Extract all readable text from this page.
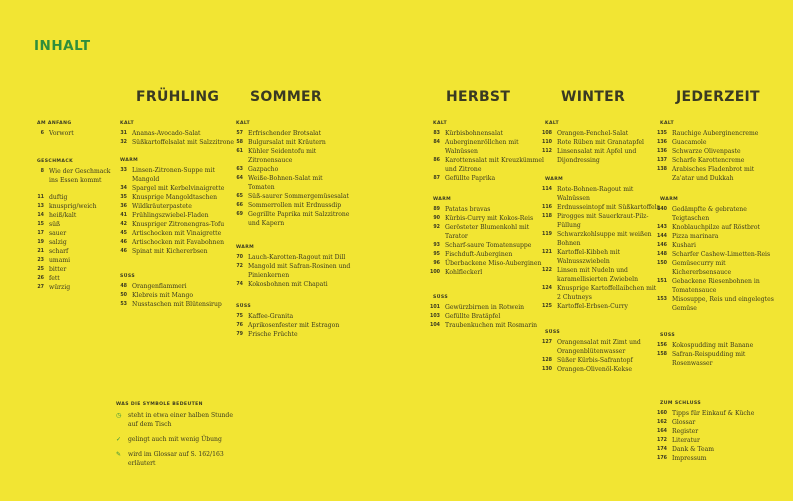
INHALT
AM ANFANG
6 Vorwort
GESCHMACK
8 Wie der Geschmack
ins Essen kommt
11 duftig
13 knusprig/weich
14 heiß/kalt
15 süß
17 sauer
19 salzig
21 scharf
23 umami
25 bitter
26 fett
27 würzig
FRÜHLING
KALT
31 Ananas-Avocado-Salat
32 Süßkartoffelsalat mit Salzzitrone
WARM
33 Linsen-Zitronen-Suppe mit
Mangold
34 Spargel mit Kerbelvinaigrette
35 Knusprige Mangoldtaschen
36 Wildkräuterpastete
41 Frühlingszwiebel-Fladen
42 Knuspriger Zitronengras-Tofu
45 Artischocken mit Vinaigrette
46 Artischocken mit Favabohnen
46 Spinat mit Kichererbsen
SÜSS
48 Orangenflammeri
50 Klebreis mit Mango
53 Nusstaschen mit Blütensirup
SOMMER
KALT
57 Erfrischender Brotsalat
58 Bulgursalat mit Kräutern
61 Kühler Seidentofu mit
Zitronensauce
63 Gazpacho
64 Weiße-Bohnen-Salat mit
Tomaten
65 Süß-saurer Sommergemüsesalat
66 Sommerrollen mit Erdnussdip
69 Gegrillte Paprika mit Salzzitrone
und Kapern
WARM
70 Lauch-Karotten-Ragout mit Dill
72 Mangold mit Safran-Rosinen und
Pinienkernen
74 Kokosbohnen mit Chapati
SÜSS
75 Kaffee-Granita
76 Aprikosenfester mit Estragon
79 Frische Früchte
HERBST
KALT
83 Kürbisbohnensalat
84 Auberginenröllchen mit
Walnüssen
86 Karottensalat mit Kreuzkümmel
und Zitrone
87 Gefüllte Paprika
WARM
89 Patatas bravas
90 Kürbis-Curry mit Kokos-Reis
92 Gerösteter Blumenkohl mit
Tarator
93 Scharf-saure Tomatensuppe
95 Fischduft-Auberginen
96 Überbackene Miso-Auberginen
100 Kohlfleckerl
SÜSS
101 Gewürzbirnen in Rotwein
103 Gefüllte Bratäpfel
104 Traubenkuchen mit Rosmarin
WINTER
KALT
108 Orangen-Fenchel-Salat
110 Rote Rüben mit Granatapfel
112 Linsensalat mit Apfel und
Dijondressing
WARM
114 Rote-Bohnen-Ragout mit
Walnüssen
116 Erdnusseintopf mit Süßkartoffeln
118 Pirogges mit Sauerkraut-Pilz-
Füllung
119 Schwarzkohlsuppe mit weißen
Bohnen
121 Kartoffel-Kibbeh mit
Walnusszwiebeln
122 Linsen mit Nudeln und
karamellisierten Zwiebeln
124 Knusprige Kartoffellaibchen mit
2 Chutneys
125 Kartoffel-Erbsen-Curry
SÜSS
127 Orangensalat mit Zimt und
Orangenblütenwasser
128 Süßer Kürbis-Safrantopf
130 Orangen-Olivenöl-Kekse
JEDERZEIT
KALT
135 Rauchige Auberginencreme
136 Guacamole
136 Schwarze Olivenpaste
137 Scharfe Karottencreme
138 Arabisches Fladenbrot mit
Za'atar und Dukkah
WARM
140 Gedämpfte & gebratene
Teigtaschen
143 Knoblauchpilze auf Röstbrot
144 Pizza marinara
146 Kushari
148 Scharfer Cashew-Limetten-Reis
150 Gemüsecurry mit
Kichererbsensauce
151 Gebackene Riesenbohnen in
Tomatensauce
153 Misosuppe, Reis und eingelegtes
Gemüse
SÜSS
156 Kokospudding mit Banane
158 Safran-Reispudding mit
Rosenwasser
ZUM SCHLUSS
160 Tipps für Einkauf & Küche
162 Glossar
164 Register
172 Literatur
174 Dank & Team
176 Impressum
WAS DIE SYMBOLE BEDEUTEN
◷	steht in etwa einer halben Stunde
auf dem Tisch
✓	gelingt auch mit wenig Übung
✎	wird im Glossar auf S. 162/163
erläutert
